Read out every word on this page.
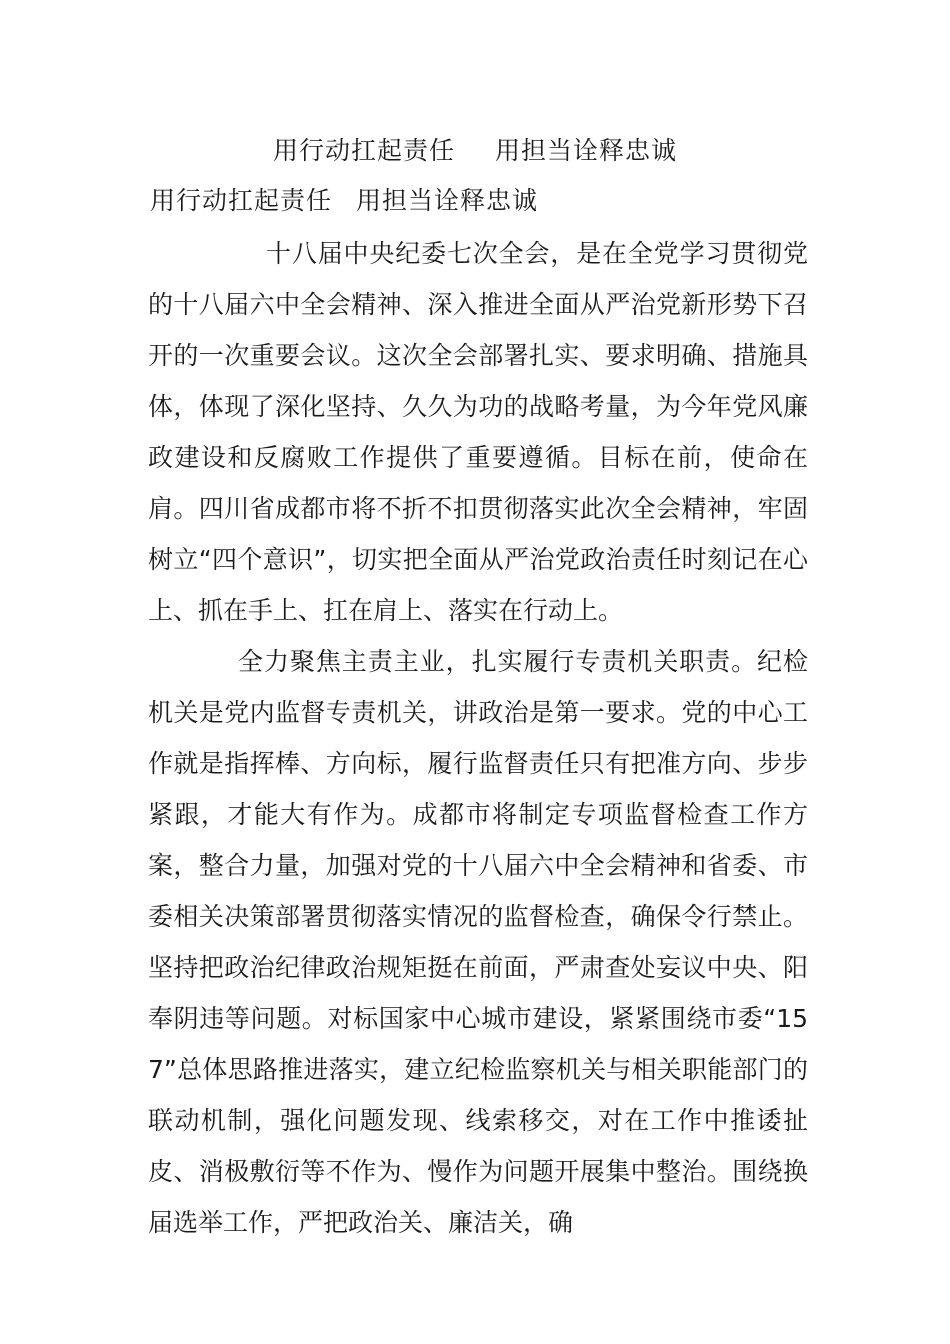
用行动扛起责任 用担当诠释忠诚
用行动扛起责任 用担当诠释忠诚

十八届中央纪委七次全会，是在全党学习贯彻党的十八届六中全会精神、深入推进全面从严治党新形势下召开的一次重要会议。这次全会部署扎实、要求明确、措施具体，体现了深化坚持、久久为功的战略考量，为今年党风廉政建设和反腐败工作提供了重要遵循。目标在前，使命在肩。四川省成都市将不折不扣贯彻落实此次全会精神，牢固树立“四个意识”，切实把全面从严治党政治责任时刻记在心上、抓在手上、扛在肩上、落实在行动上。

全力聚焦主责主业，扎实履行专责机关职责。纪检机关是党内监督专责机关，讲政治是第一要求。党的中心工作就是指挥棒、方向标，履行监督责任只有把准方向、步步紧跟，才能大有作为。成都市将制定专项监督检查工作方案，整合力量，加强对党的十八届六中全会精神和省委、市委相关决策部署贯彻落实情况的监督检查，确保令行禁止。坚持把政治纪律政治规矩挺在前面，严肃查处妄议中央、阳奉阴违等问题。对标国家中心城市建设，紧紧围绕市委“157”总体思路推进落实，建立纪检监察机关与相关职能部门的联动机制，强化问题发现、线索移交，对在工作中推诿扯皮、消极敷衍等不作为、慢作为问题开展集中整治。围绕换届选举工作，严把政治关、廉洁关，确
